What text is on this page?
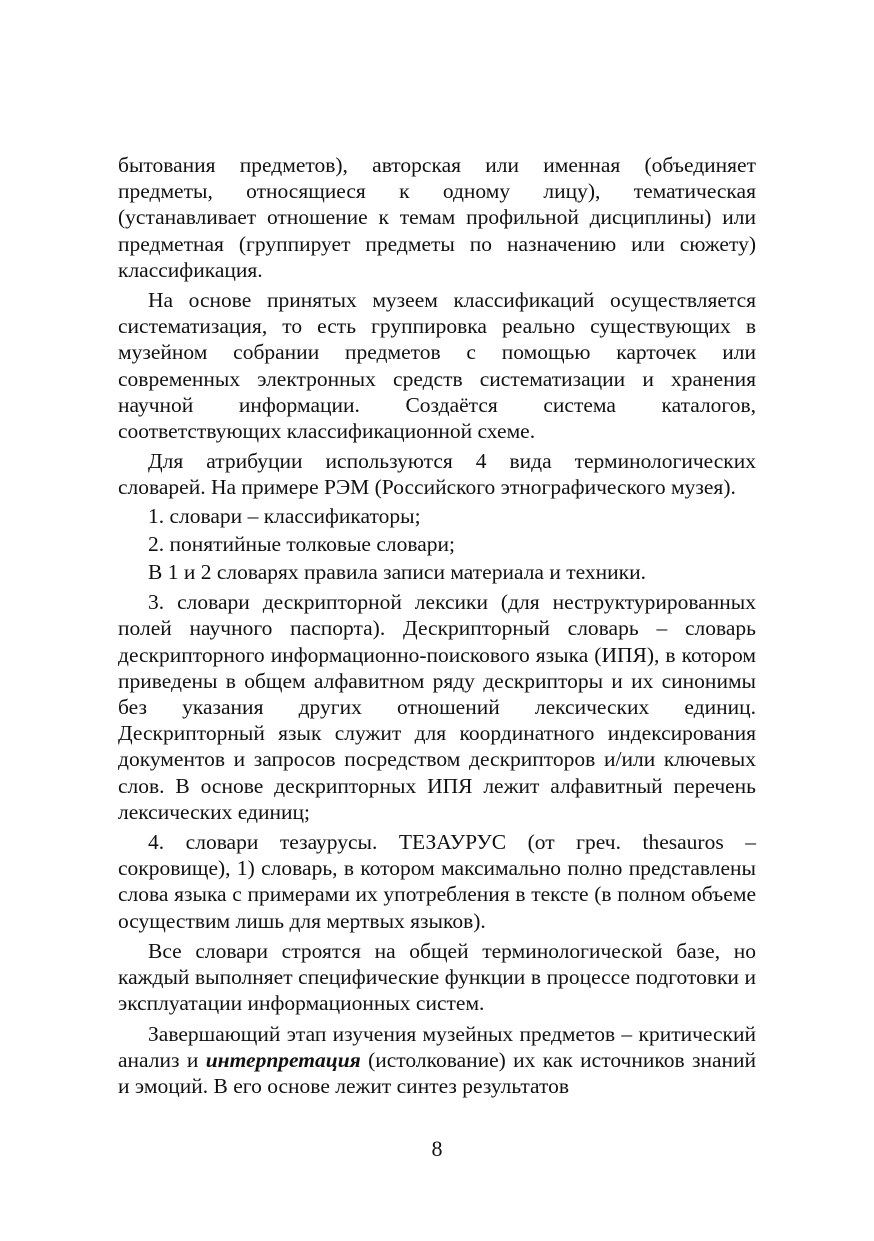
бытования предметов), авторская или именная (объединяет предметы, относящиеся к одному лицу), тематическая (устанавливает отношение к темам профильной дисциплины) или предметная (группирует предметы по назначению или сюжету) классификация.

На основе принятых музеем классификаций осуществляется систематизация, то есть группировка реально существующих в музейном собрании предметов с помощью карточек или современных электронных средств систематизации и хранения научной информации. Создаётся система каталогов, соответствующих классификационной схеме.

Для атрибуции используются 4 вида терминологических словарей. На примере РЭМ (Российского этнографического музея).

1. словари – классификаторы;

2. понятийные толковые словари;

В 1 и 2 словарях правила записи материала и техники.

3. словари дескрипторной лексики (для неструктурированных полей научного паспорта). Дескрипторный словарь – словарь дескрипторного информационно-поискового языка (ИПЯ), в котором приведены в общем алфавитном ряду дескрипторы и их синонимы без указания других отношений лексических единиц. Дескрипторный язык служит для координатного индексирования документов и запросов посредством дескрипторов и/или ключевых слов. В основе дескрипторных ИПЯ лежит алфавитный перечень лексических единиц;

4. словари тезаурусы. ТЕЗАУРУС (от греч. thesauros – сокровище), 1) словарь, в котором максимально полно представлены слова языка с примерами их употребления в тексте (в полном объеме осуществим лишь для мертвых языков).

Все словари строятся на общей терминологической базе, но каждый выполняет специфические функции в процессе подготовки и эксплуатации информационных систем.

Завершающий этап изучения музейных предметов – критический анализ и интерпретация (истолкование) их как источников знаний и эмоций. В его основе лежит синтез результатов

8
